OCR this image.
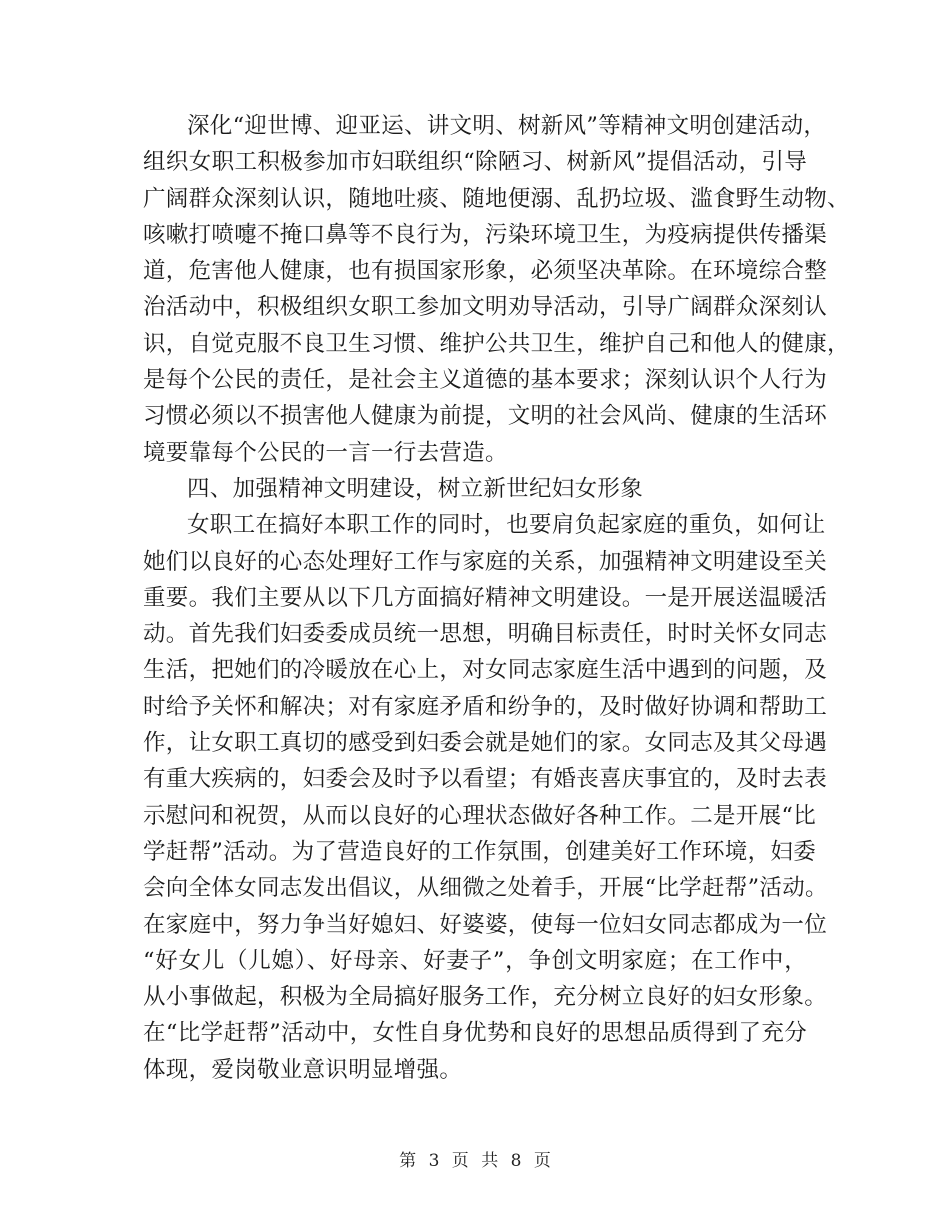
深化“迎世博、迎亚运、讲文明、树新风”等精神文明创建活动，
组织女职工积极参加市妇联组织“除陋习、树新风”提倡活动，引导
广阔群众深刻认识，随地吐痰、随地便溺、乱扔垃圾、滥食野生动物、
咳嗽打喷嚏不掩口鼻等不良行为，污染环境卫生，为疫病提供传播渠
道，危害他人健康，也有损国家形象，必须坚决革除。在环境综合整
治活动中，积极组织女职工参加文明劝导活动，引导广阔群众深刻认
识，自觉克服不良卫生习惯、维护公共卫生，维护自己和他人的健康，
是每个公民的责任，是社会主义道德的基本要求；深刻认识个人行为
习惯必须以不损害他人健康为前提，文明的社会风尚、健康的生活环
境要靠每个公民的一言一行去营造。
四、加强精神文明建设，树立新世纪妇女形象
女职工在搞好本职工作的同时，也要肩负起家庭的重负，如何让
她们以良好的心态处理好工作与家庭的关系，加强精神文明建设至关
重要。我们主要从以下几方面搞好精神文明建设。一是开展送温暖活
动。首先我们妇委委成员统一思想，明确目标责任，时时关怀女同志
生活，把她们的冷暖放在心上，对女同志家庭生活中遇到的问题，及
时给予关怀和解决；对有家庭矛盾和纷争的，及时做好协调和帮助工
作，让女职工真切的感受到妇委会就是她们的家。女同志及其父母遇
有重大疾病的，妇委会及时予以看望；有婚丧喜庆事宜的，及时去表
示慰问和祝贺，从而以良好的心理状态做好各种工作。二是开展“比
学赶帮”活动。为了营造良好的工作氛围，创建美好工作环境，妇委
会向全体女同志发出倡议，从细微之处着手，开展“比学赶帮”活动。
在家庭中，努力争当好媳妇、好婆婆，使每一位妇女同志都成为一位
“好女儿（儿媳）、好母亲、好妻子”，争创文明家庭；在工作中，
从小事做起，积极为全局搞好服务工作，充分树立良好的妇女形象。
在“比学赶帮”活动中，女性自身优势和良好的思想品质得到了充分
体现，爱岗敬业意识明显增强。
第 3 页 共 8 页
